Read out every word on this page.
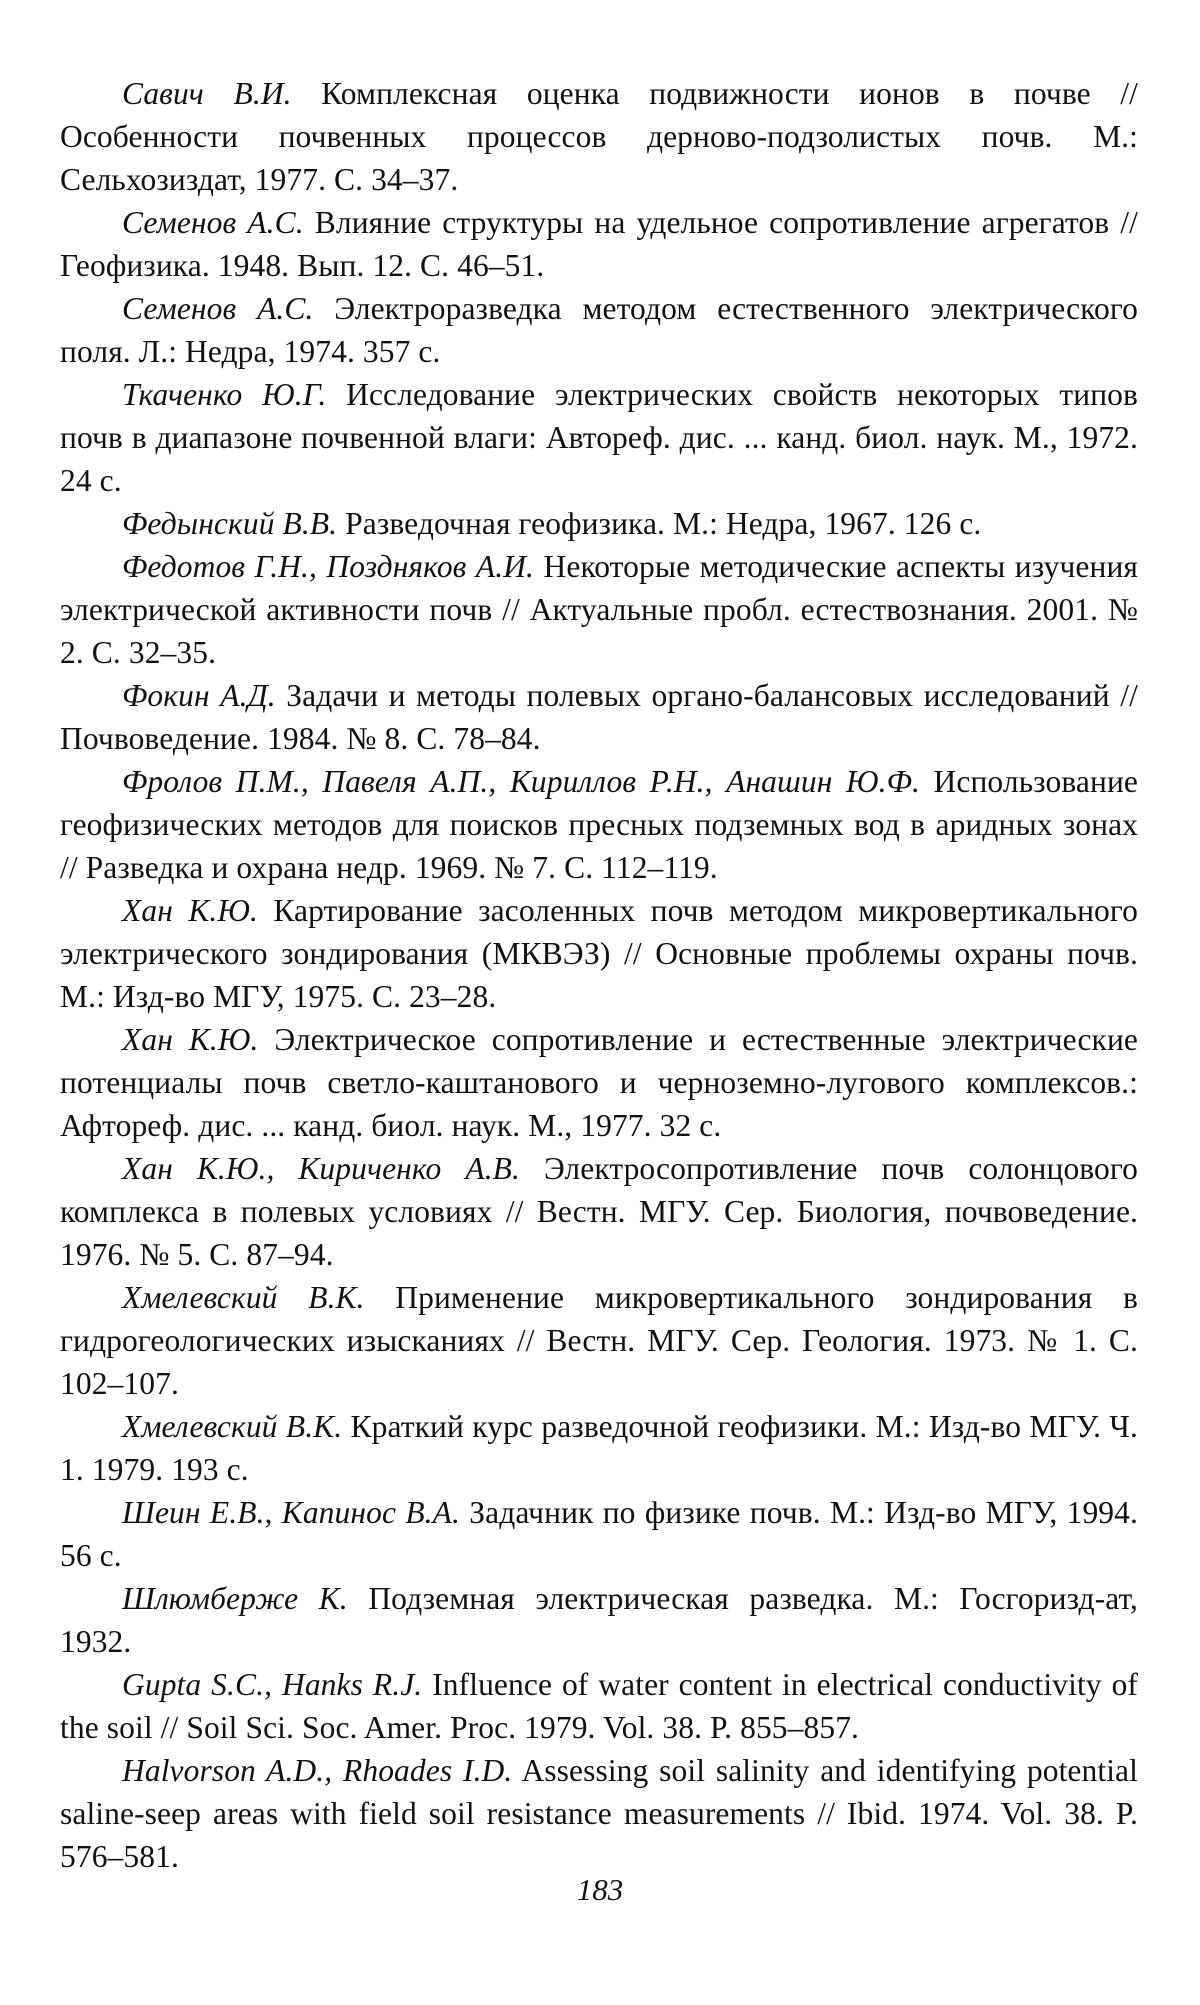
Савич В.И. Комплексная оценка подвижности ионов в почве // Особенности почвенных процессов дерново-подзолистых почв. М.: Сельхозиздат, 1977. С. 34–37.

Семенов А.С. Влияние структуры на удельное сопротивление агрегатов // Геофизика. 1948. Вып. 12. С. 46–51.

Семенов А.С. Электроразведка методом естественного электрического поля. Л.: Недра, 1974. 357 с.

Ткаченко Ю.Г. Исследование электрических свойств некоторых типов почв в диапазоне почвенной влаги: Автореф. дис. ... канд. биол. наук. М., 1972. 24 с.

Федынский В.В. Разведочная геофизика. М.: Недра, 1967. 126 с.

Федотов Г.Н., Поздняков А.И. Некоторые методические аспекты изучения электрической активности почв // Актуальные пробл. естествознания. 2001. № 2. С. 32–35.

Фокин А.Д. Задачи и методы полевых органо-балансовых исследований // Почвоведение. 1984. № 8. С. 78–84.

Фролов П.М., Павеля А.П., Кириллов Р.Н., Анашин Ю.Ф. Использование геофизических методов для поисков пресных подземных вод в аридных зонах // Разведка и охрана недр. 1969. № 7. С. 112–119.

Хан К.Ю. Картирование засоленных почв методом микровертикального электрического зондирования (МКВЭЗ) // Основные проблемы охраны почв. М.: Изд-во МГУ, 1975. С. 23–28.

Хан К.Ю. Электрическое сопротивление и естественные электрические потенциалы почв светло-каштанового и черноземно-лугового комплексов.: Афтореф. дис. ... канд. биол. наук. М., 1977. 32 с.

Хан К.Ю., Кириченко А.В. Электросопротивление почв солонцового комплекса в полевых условиях // Вестн. МГУ. Сер. Биология, почвоведение. 1976. № 5. С. 87–94.

Хмелевский В.К. Применение микровертикального зондирования в гидрогеологических изысканиях // Вестн. МГУ. Сер. Геология. 1973. № 1. С. 102–107.

Хмелевский В.К. Краткий курс разведочной геофизики. М.: Изд-во МГУ. Ч. 1. 1979. 193 с.

Шеин Е.В., Капинос В.А. Задачник по физике почв. М.: Изд-во МГУ, 1994. 56 с.

Шлюмберже К. Подземная электрическая разведка. М.: Госгоризд-ат, 1932.

Gupta S.C., Hanks R.J. Influence of water content in electrical conductivity of the soil // Soil Sci. Soc. Amer. Proc. 1979. Vol. 38. P. 855–857.

Halvorson A.D., Rhoades I.D. Assessing soil salinity and identifying potential saline-seep areas with field soil resistance measurements // Ibid. 1974. Vol. 38. P. 576–581.

183
